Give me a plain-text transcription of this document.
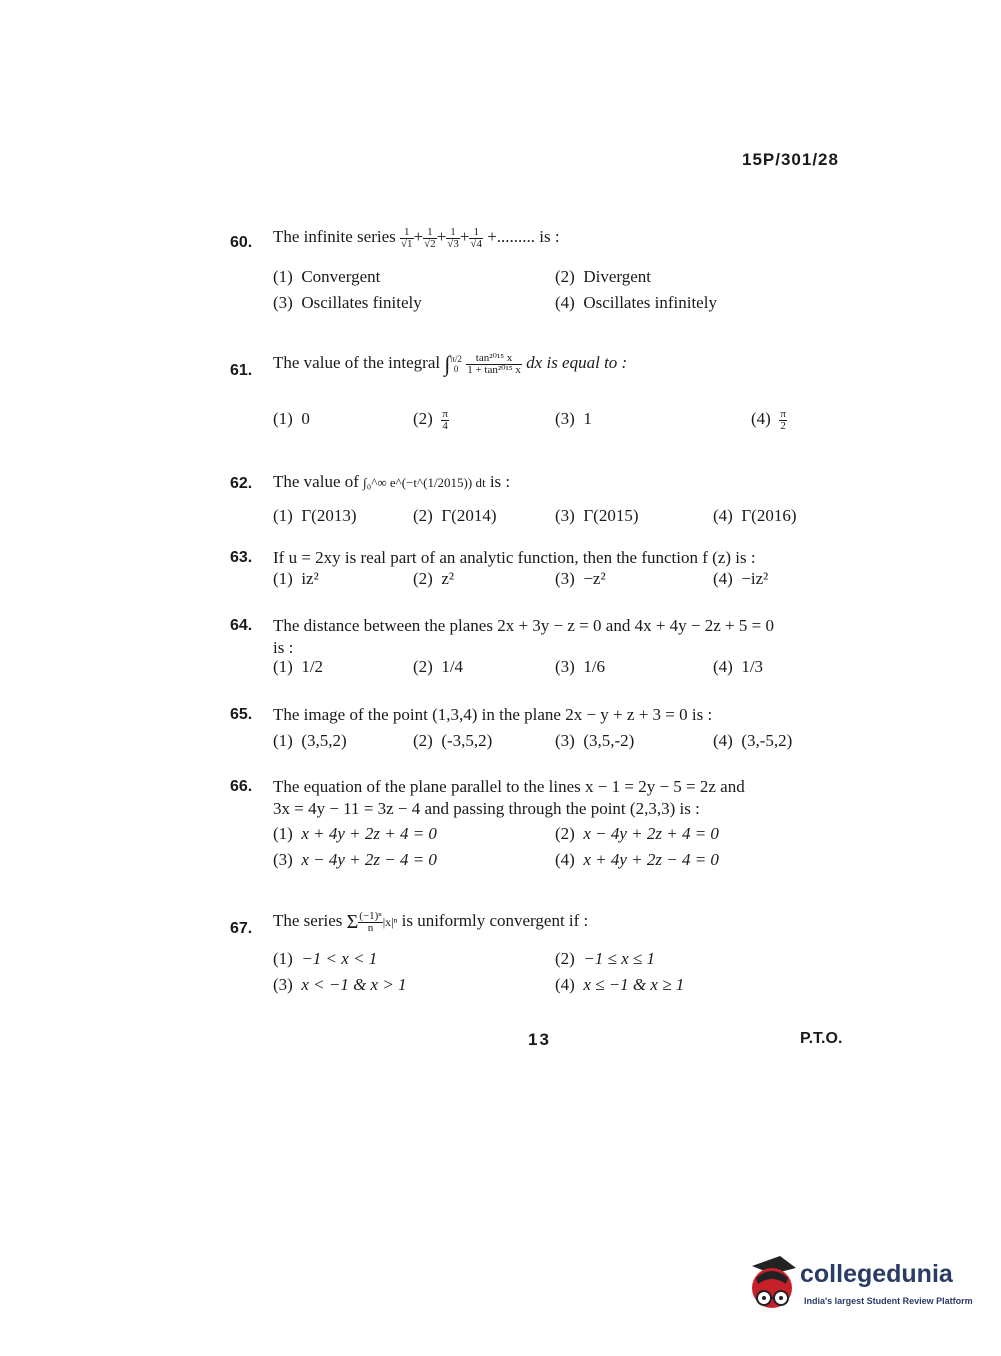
15P/301/28
60. The infinite series $\frac{1}{√1} + \frac{1}{√2} + \frac{1}{√3} + \frac{1}{√4}$ +......... is :
(1) Convergent	(2) Divergent
(3) Oscillates finitely	(4) Oscillates infinitely
61. The value of the integral ∫ π/2
0
$\frac{\text{tan²⁰¹⁵ x}}{\text{1 + tan²⁰¹⁵ x}}$ dx is equal to :
(1) 0	$(2) \frac{\pi}{4}$	(3) 1	$(4) \frac{\pi}{2}$
62. The value of ∫₀^∞ e^(−t^(1/2015)) dt is :
(1) Γ(2013)	(2) Γ(2014)	(3) Γ(2015)	(4) Γ(2016)
63. If u = 2xy is real part of an analytic function, then the function f (z) is :
(1) iz²	(2) z²	(3) −z²	(4) −iz²
64. The distance between the planes 2x + 3y − z = 0 and 4x + 4y − 2z + 5 = 0
is :
(1) 1/2	(2) 1/4	(3) 1/6	(4) 1/3
65. The image of the point (1,3,4) in the plane 2x − y + z + 3 = 0 is :
(1) (3,5,2)	(2) (-3,5,2)	(3) (3,5,-2)	(4) (3,-5,2)
66. The equation of the plane parallel to the lines x − 1 = 2y − 5 = 2z and
3x = 4y − 11 = 3z − 4 and passing through the point (2,3,3) is :
(1) x + 4y + 2z + 4 = 0	(2) x − 4y + 2z + 4 = 0
(3) x − 4y + 2z − 4 = 0	(4) x + 4y + 2z − 4 = 0
67. The series Σ $\frac{\text{(−1)ⁿ}}{n} |x|^n$ is uniformly convergent if :
(1) −1 < x < 1	(2) −1 ≤ x ≤ 1
(3) x < −1 & x > 1	(4) x ≤ −1 & x ≥ 1
13	P.T.O.
collegedunia
India's largest Student Review Platform
